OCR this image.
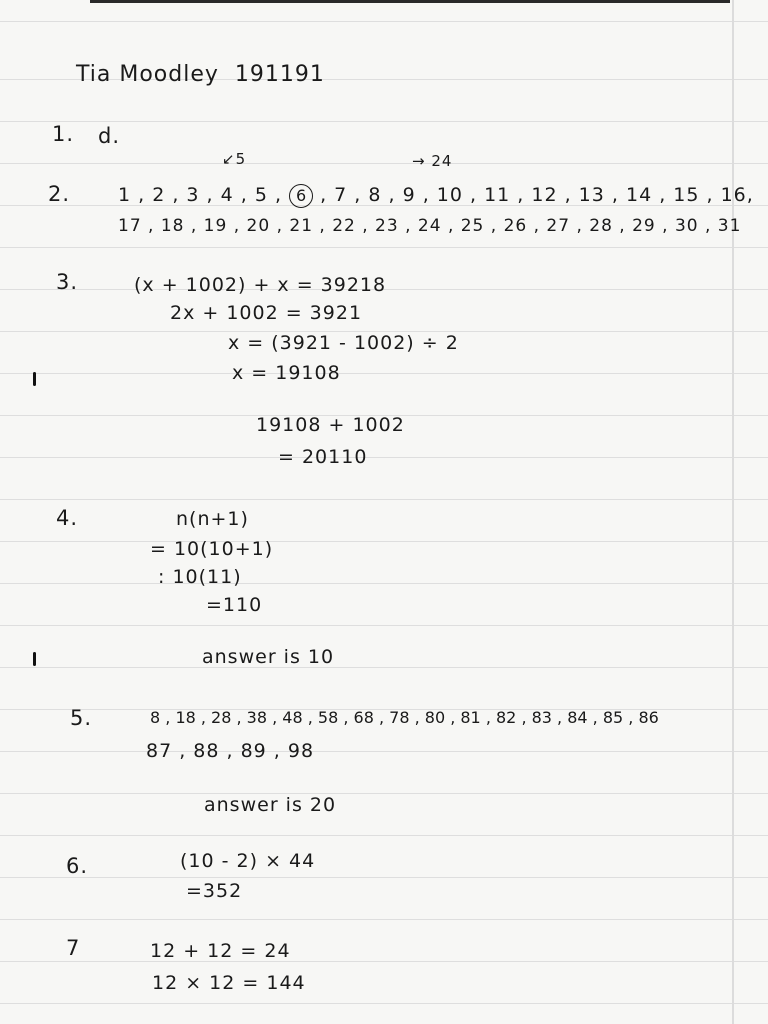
Tia Moodley 191191
1. d.
↙5	→ 24
2.	1 , 2 , 3 , 4 , 5 , 6 , 7 , 8 , 9 , 10 , 11 , 12 , 13 , 14 , 15 , 16,
17 , 18 , 19 , 20 , 21 , 22 , 23 , 24 , 25 , 26 , 27 , 28 , 29 , 30 , 31
3.	(x + 1002) + x = 39218
2x + 1002 = 3921
x = (3921 - 1002) ÷ 2
x = 19108
19108 + 1002
= 20110
4.	n(n+1)
= 10(10+1)
: 10(11)
=110
answer is 10
5.	8 , 18 , 28 , 38 , 48 , 58 , 68 , 78 , 80 , 81 , 82 , 83 , 84 , 85 , 86
87 , 88 , 89 , 98
answer is 20
6.	(10 - 2) × 44
=352
7	12 + 12 = 24
12 × 12 = 144
